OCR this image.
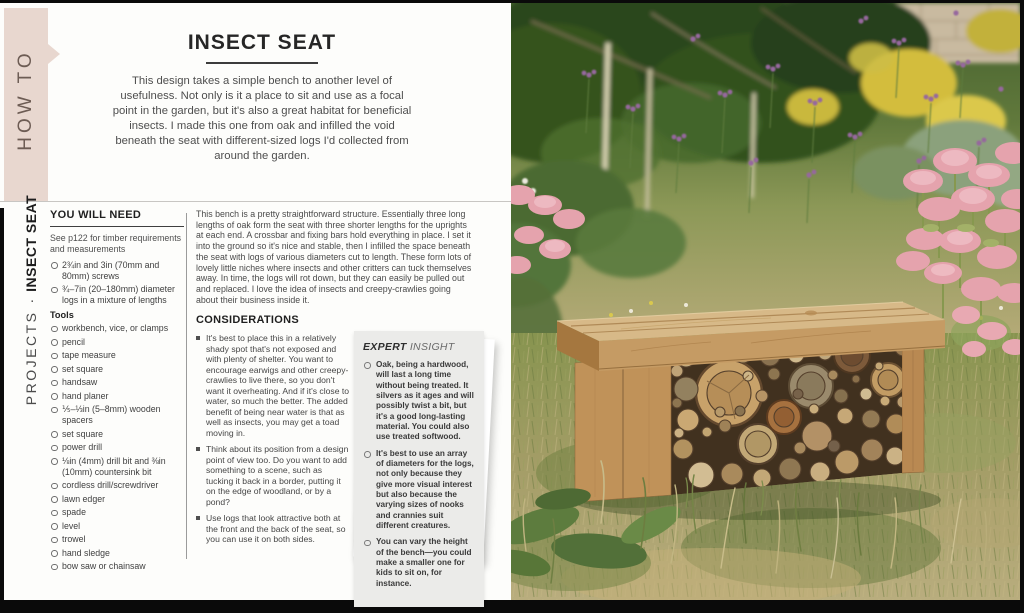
HOW TO
INSECT SEAT
This design takes a simple bench to another level of usefulness. Not only is it a place to sit and use as a focal point in the garden, but it's also a great habitat for beneficial insects. I made this one from oak and infilled the void beneath the seat with different-sized logs I'd collected from around the garden.
PROJECTS·INSECT SEAT YOU WILL NEED
See p122 for timber requirements and measurements
2¾in and 3in (70mm and 80mm) screws
¾–7in (20–180mm) diameter logs in a mixture of lengths
Tools
workbench, vice, or clamps
pencil
tape measure
set square
handsaw
hand planer
⅕–⅓in (5–8mm) wooden spacers
set square
power drill
⅛in (4mm) drill bit and ⅜in (10mm) countersink bit
cordless drill/screwdriver
lawn edger
spade
level
trowel
hand sledge
bow saw or chainsaw
This bench is a pretty straightforward structure. Essentially three long lengths of oak form the seat with three shorter lengths for the uprights at each end. A crossbar and fixing bars hold everything in place. I set it into the ground so it's nice and stable, then I infilled the space beneath the seat with logs of various diameters cut to length. These form lots of lovely little niches where insects and other critters can tuck themselves away. In time, the logs will rot down, but they can easily be pulled out and replaced. I love the idea of insects and creepy-crawlies going about their business inside it.
CONSIDERATIONS
It's best to place this in a relatively shady spot that's not exposed and with plenty of shelter. You want to encourage earwigs and other creepy-crawlies to live there, so you don't want it overheating. And if it's close to water, so much the better. The added benefit of being near water is that as well as insects, you may get a toad moving in.
Think about its position from a design point of view too. Do you want to add something to a scene, such as tucking it back in a border, putting it on the edge of woodland, or by a pond?
Use logs that look attractive both at the front and the back of the seat, so you can use it on both sides.
EXPERT INSIGHT
Oak, being a hardwood, will last a long time without being treated. It silvers as it ages and will possibly twist a bit, but it's a good long-lasting material. You could also use treated softwood.
It's best to use an array of diameters for the logs, not only because they give more visual interest but also because the varying sizes of nooks and crannies suit different creatures.
You can vary the height of the bench—you could make a smaller one for kids to sit on, for instance.
